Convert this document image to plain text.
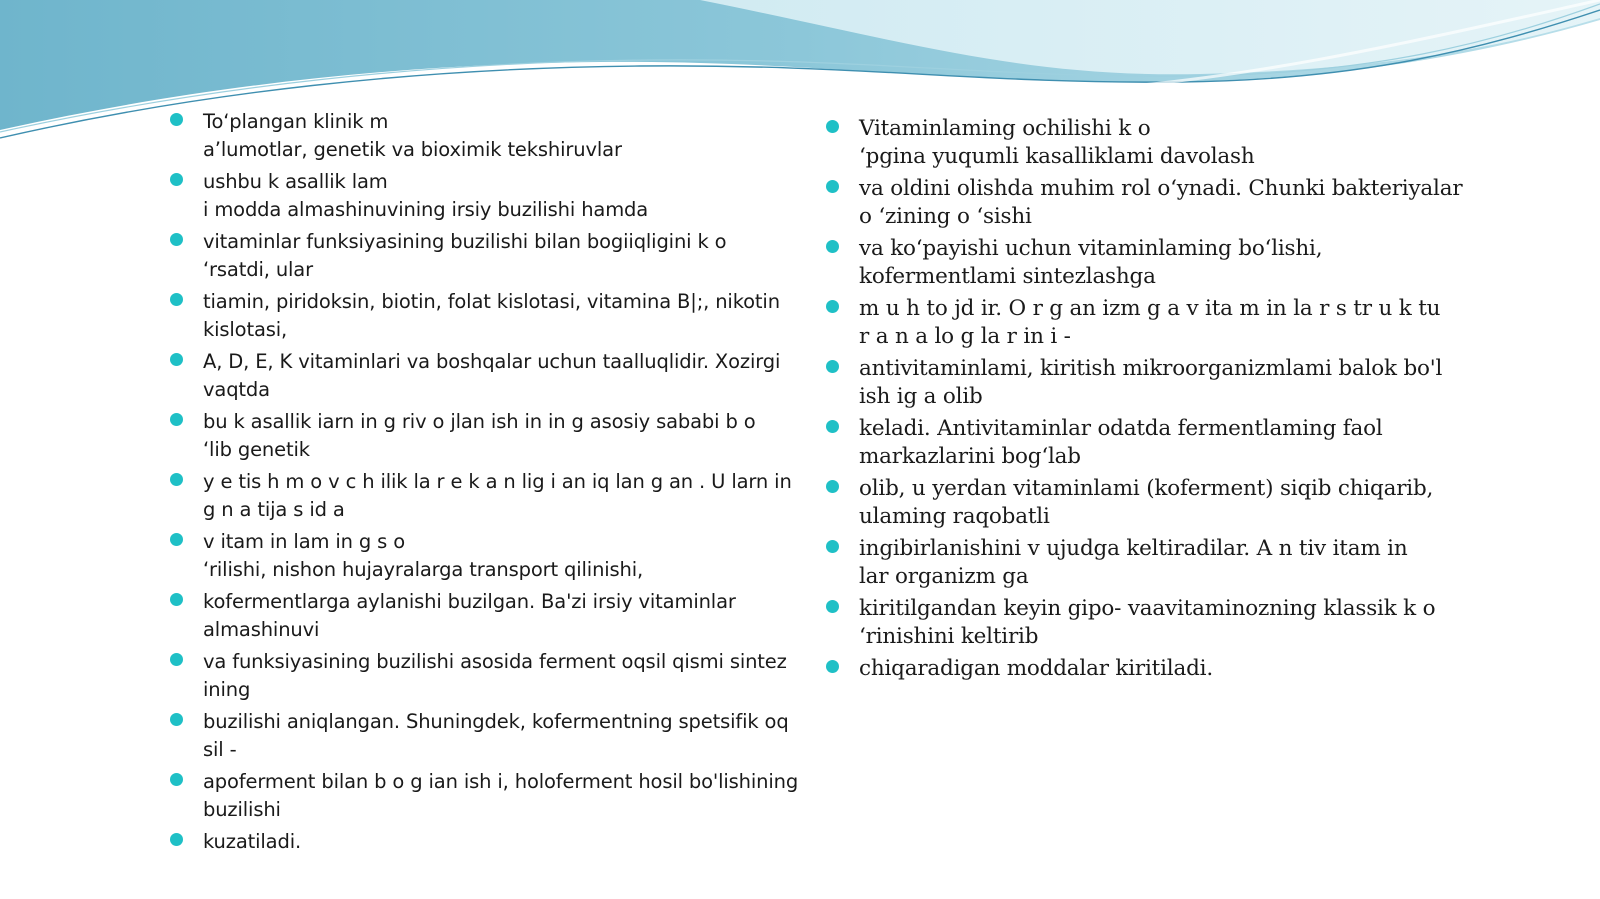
To‘plangan klinik m
a’lumotlar, genetik va bioximik tekshiruvlar
ushbu k asallik lam
i modda almashinuvining irsiy buzilishi hamda
vitaminlar funksiyasining buzilishi bilan bogiiqligini k o
‘rsatdi, ular
tiamin, piridoksin, biotin, folat kislotasi, vitamina B|;, nikotin
kislotasi,
A, D, E, K vitaminlari va boshqalar uchun taalluqlidir. Xozirgi
vaqtda
bu k asallik iarn in g riv o jlan ish in in g asosiy sababi b o
‘lib genetik
y e tis h m o v c h ilik la r e k a n lig i an iq lan g an . U larn in
g n a tija s id a
v itam in lam in g s o
‘rilishi, nishon hujayralarga transport qilinishi,
kofermentlarga aylanishi buzilgan. Ba'zi irsiy vitaminlar
almashinuvi
va funksiyasining buzilishi asosida ferment oqsil qismi sintez
ining
buzilishi aniqlangan. Shuningdek, kofermentning spetsifik oq
sil -
apoferment bilan b o g ian ish i, holoferment hosil bo'lishining
buzilishi
kuzatiladi.
Vitaminlaming ochilishi k o
‘pgina yuqumli kasalliklami davolash
va oldini olishda muhim rol o‘ynadi. Chunki bakteriyalar
o ‘zining o ‘sishi
va ko‘payishi uchun vitaminlaming bo‘lishi,
kofermentlami sintezlashga
m u h to jd ir. O r g an izm g a v ita m in la r s tr u k tu
r a n a lo g la r in i -
antivitaminlami, kiritish mikroorganizmlami balok bo'l
ish ig a olib
keladi. Antivitaminlar odatda fermentlaming faol
markazlarini bog‘lab
olib, u yerdan vitaminlami (koferment) siqib chiqarib,
ulaming raqobatli
ingibirlanishini v ujudga keltiradilar. A n tiv itam in
lar organizm ga
kiritilgandan keyin gipo- vaavitaminozning klassik k o
‘rinishini keltirib
chiqaradigan moddalar kiritiladi.
